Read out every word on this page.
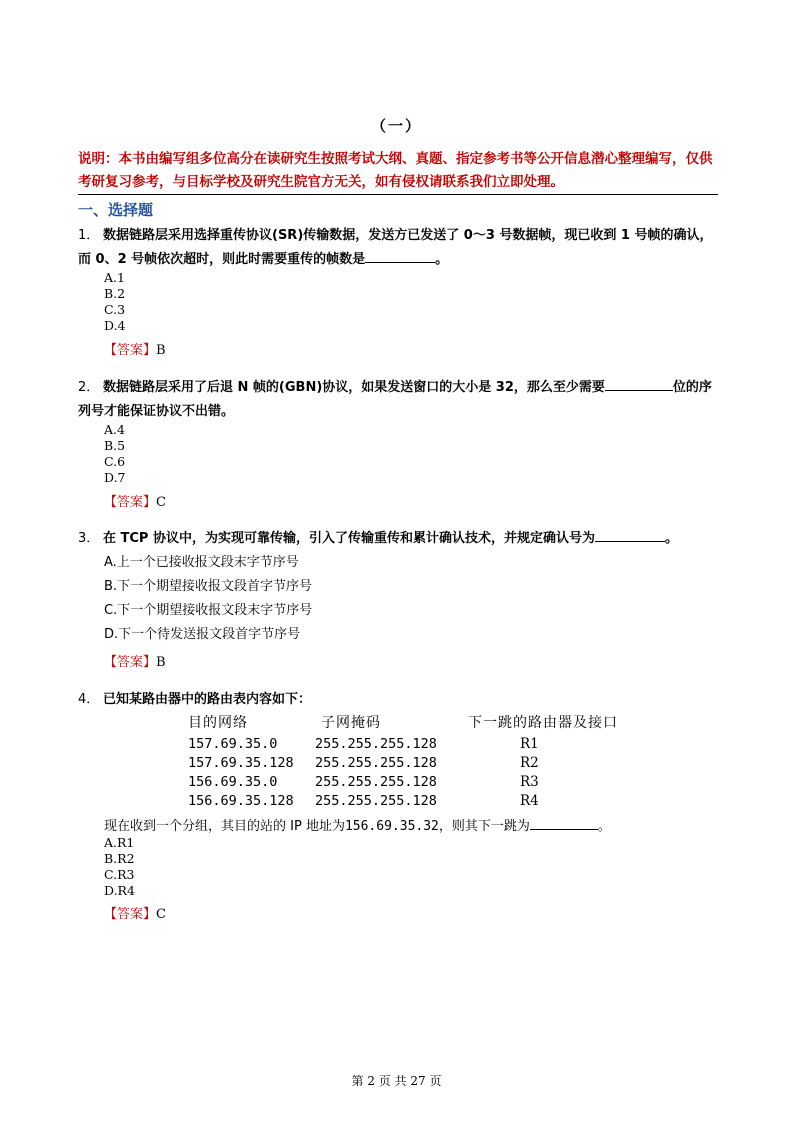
（一）
说明：本书由编写组多位高分在读研究生按照考试大纲、真题、指定参考书等公开信息潜心整理编写，仅供考研复习参考，与目标学校及研究生院官方无关，如有侵权请联系我们立即处理。
一、选择题
1． 数据链路层采用选择重传协议(SR)传输数据，发送方已发送了 0～3 号数据帧，现已收到 1 号帧的确认，而 0、2 号帧依次超时，则此时需要重传的帧数是	。
A.1
B.2
C.3
D.4
【答案】B
2． 数据链路层采用了后退 N 帧的(GBN)协议，如果发送窗口的大小是 32，那么至少需要	位的序列号才能保证协议不出错。
A.4
B.5
C.6
D.7
【答案】C
3． 在 TCP 协议中，为实现可靠传输，引入了传输重传和累计确认技术，并规定确认号为	。
A.上一个已接收报文段末字节序号
B.下一个期望接收报文段首字节序号
C.下一个期望接收报文段末字节序号
D.下一个待发送报文段首字节序号
【答案】B
4． 已知某路由器中的路由表内容如下：
目的网络	子网掩码	下一跳的路由器及接口
157.69.35.0	255.255.255.128	R1
157.69.35.128 255.255.255.128	R2
156.69.35.0	255.255.255.128	R3
156.69.35.128 255.255.255.128	R4
现在收到一个分组，其目的站的 IP 地址为156.69.35.32，则其下一跳为	。
A.R1
B.R2
C.R3
D.R4
【答案】C
第 2 页 共 27 页
